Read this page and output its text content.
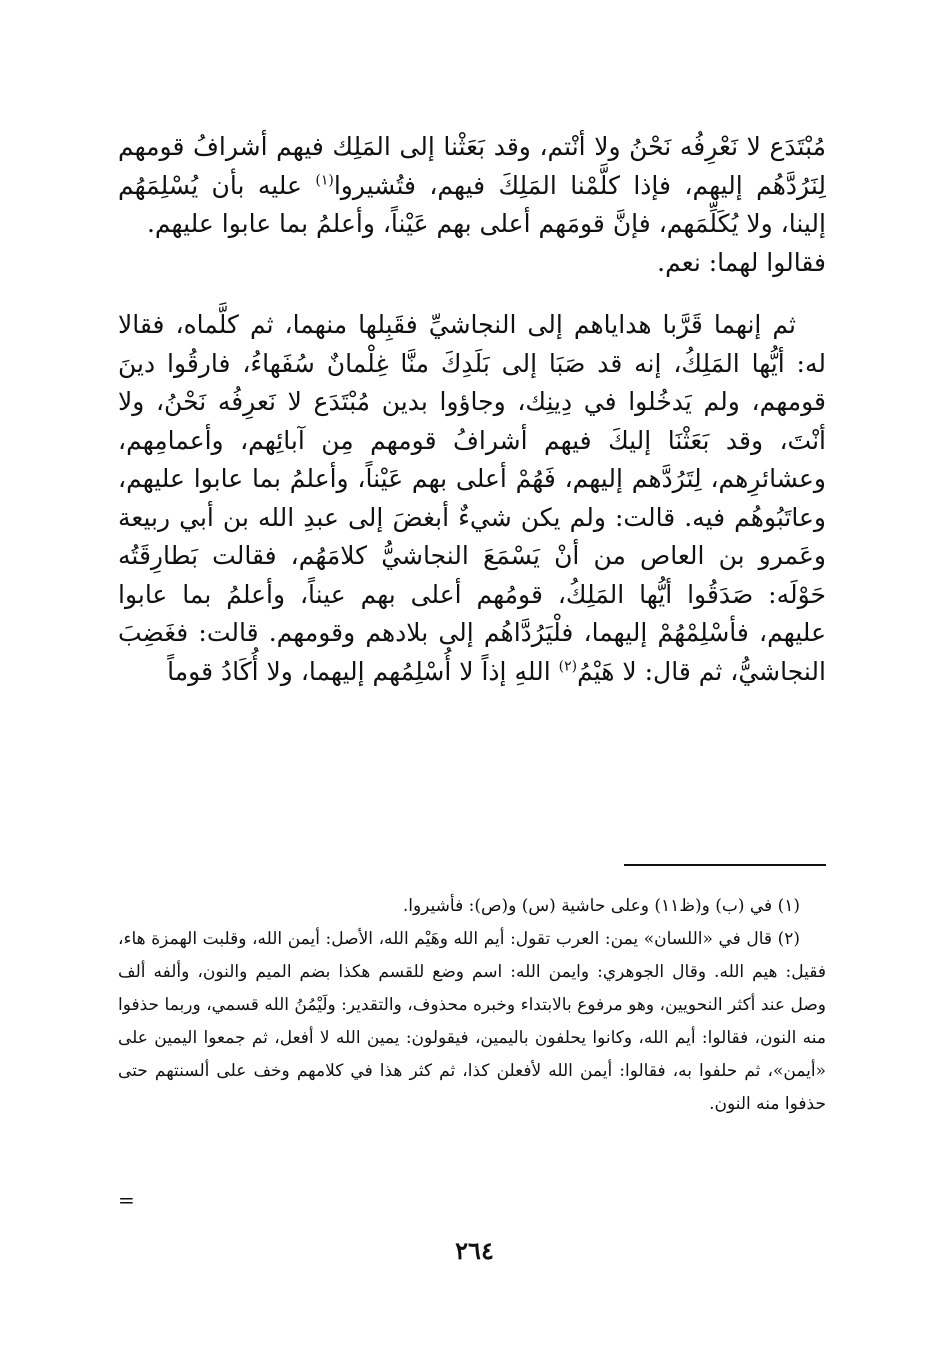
مُبْتَدَع لا نَعْرِفُه نَحْنُ ولا أنْتم، وقد بَعَثْنا إلى المَلِك فيهم أشرافُ قومهم لِنَرُدَّهُم إليهم، فإذا كلَّمْنا المَلِكَ فيهم، فتُشيروا$^{(١)}$ عليه بأن يُسْلِمَهُم إلينا، ولا يُكَلِّمَهم، فإنَّ قومَهم أعلى بهم عَيْناً، وأعلمُ بما عابوا عليهم.

فقالوا لهما: نعم.

ثم إنهما قَرَّبا هداياهم إلى النجاشيِّ فقَبِلها منهما، ثم كلَّماه، فقالا له: أيُّها المَلِكُ، إنه قد صَبَا إلى بَلَدِكَ منَّا غِلْمانٌ سُفَهاءُ، فارقُوا دينَ قومهم، ولم يَدخُلوا في دِينِك، وجاؤوا بدين مُبْتَدَع لا نَعرِفُه نَحْنُ، ولا أنْتَ، وقد بَعَثْنَا إليكَ فيهم أشرافُ قومهم مِن آبائِهم، وأعمامِهم، وعشائرِهم، لِتَرُدَّهم إليهم، فَهُمْ أعلى بهم عَيْناً، وأعلمُ بما عابوا عليهم، وعاتَبُوهُم فيه. قالت: ولم يكن شيءٌ أبغضَ إلى عبدِ الله بن أبي ربيعة وعَمرو بن العاص من أنْ يَسْمَعَ النجاشيُّ كلامَهُم، فقالت بَطارِقَتُه حَوْلَه: صَدَقُوا أيُّها المَلِكُ، قومُهم أعلى بهم عيناً، وأعلمُ بما عابوا عليهم، فأسْلِمْهُمْ إليهما، فلْيَرُدَّاهُم إلى بلادهم وقومهم. قالت: فغَضِبَ النجاشيُّ، ثم قال: لا هَيْمُ$^{(٢)}$ اللهِ إذاً لا أُسْلِمُهم إليهما، ولا أُكَادُ قوماً

(١) في (ب) و(ظ١١) وعلى حاشية (س) و(ص): فأشيروا.

(٢) قال في «اللسان» يمن: العرب تقول: أيم الله وهَيْم الله، الأصل: أيمن الله، وقلبت الهمزة هاء، فقيل: هيم الله. وقال الجوهري: وايمن الله: اسم وضع للقسم هكذا بضم الميم والنون، وألفه ألف وصل عند أكثر النحويين، وهو مرفوع بالابتداء وخبره محذوف، والتقدير: ولَيْمُنُ الله قسمي، وربما حذفوا منه النون، فقالوا: أيم الله، وكانوا يحلفون باليمين، فيقولون: يمين الله لا أفعل، ثم جمعوا اليمين على «أيمن»، ثم حلفوا به، فقالوا: أيمن الله لأفعلن كذا، ثم كثر هذا في كلامهم وخف على ألسنتهم حتى حذفوا منه النون.

=
٢٦٤
